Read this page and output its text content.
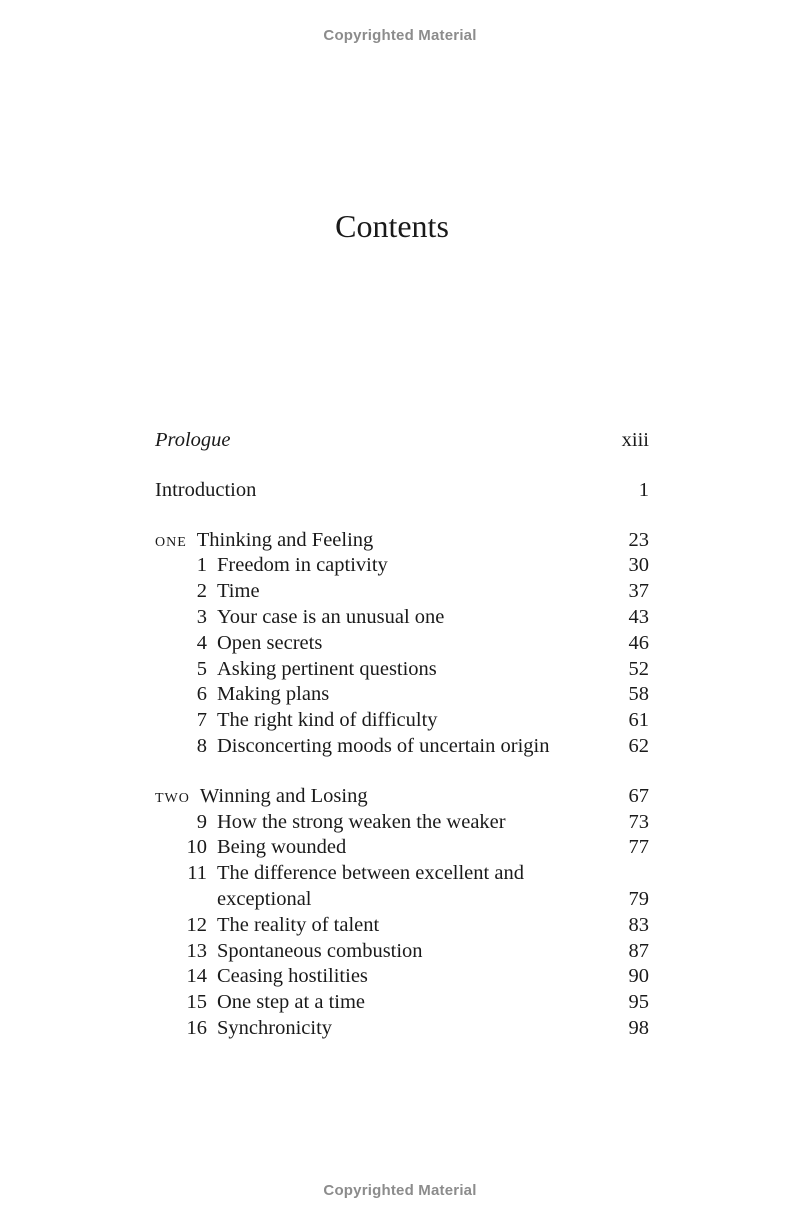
Copyrighted Material
Contents
Prologue	xiii
Introduction	1
one Thinking and Feeling	23
1 Freedom in captivity	30
2 Time	37
3 Your case is an unusual one	43
4 Open secrets	46
5 Asking pertinent questions	52
6 Making plans	58
7 The right kind of difficulty	61
8 Disconcerting moods of uncertain origin	62
two Winning and Losing	67
9 How the strong weaken the weaker	73
10 Being wounded	77
11 The difference between excellent and
exceptional	79
12 The reality of talent	83
13 Spontaneous combustion	87
14 Ceasing hostilities	90
15 One step at a time	95
16 Synchronicity	98
Copyrighted Material
